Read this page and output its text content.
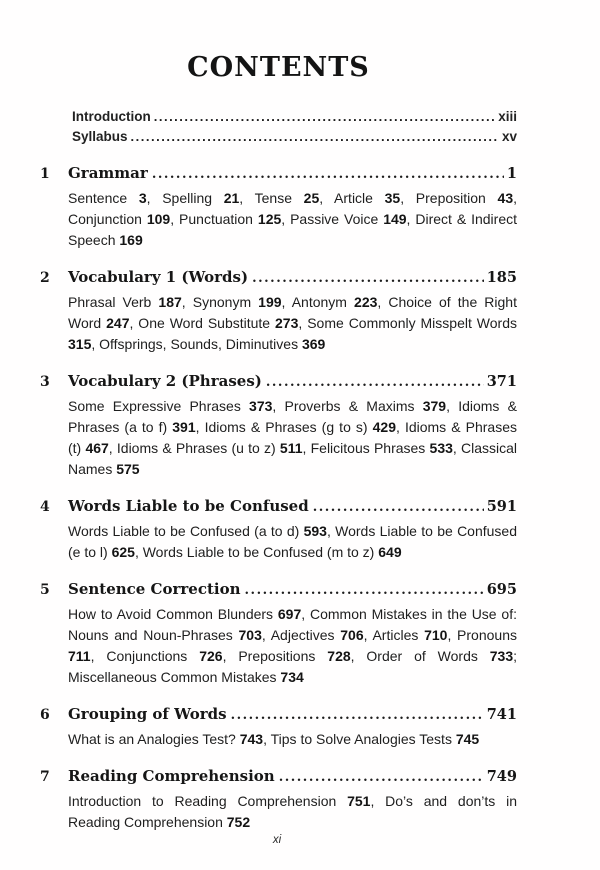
CONTENTS
Introduction .....	xiii
Syllabus .....	xv
1	Grammar .....	1

Sentence 3, Spelling 21, Tense 25, Article 35, Preposition 43, Conjunction 109, Punctuation 125, Passive Voice 149, Direct & Indirect Speech 169

2	Vocabulary 1 (Words) .....	185

Phrasal Verb 187, Synonym 199, Antonym 223, Choice of the Right Word 247, One Word Substitute 273, Some Commonly Misspelt Words 315, Offsprings, Sounds, Diminutives 369

3	Vocabulary 2 (Phrases) .....	371

Some Expressive Phrases 373, Proverbs & Maxims 379, Idioms & Phrases (a to f) 391, Idioms & Phrases (g to s) 429, Idioms & Phrases (t) 467, Idioms & Phrases (u to z) 511, Felicitous Phrases 533, Classical Names 575

4	Words Liable to be Confused .....	591

Words Liable to be Confused (a to d) 593, Words Liable to be Confused (e to l) 625, Words Liable to be Confused (m to z) 649

5	Sentence Correction .....	695

How to Avoid Common Blunders 697, Common Mistakes in the Use of: Nouns and Noun-Phrases 703, Adjectives 706, Articles 710, Pronouns 711, Conjunctions 726, Prepositions 728, Order of Words 733; Miscellaneous Common Mistakes 734

6	Grouping of Words .....	741

What is an Analogies Test? 743, Tips to Solve Analogies Tests 745

7	Reading Comprehension .....	749

Introduction to Reading Comprehension 751, Do’s and don’ts in Reading Comprehension 752

xi
